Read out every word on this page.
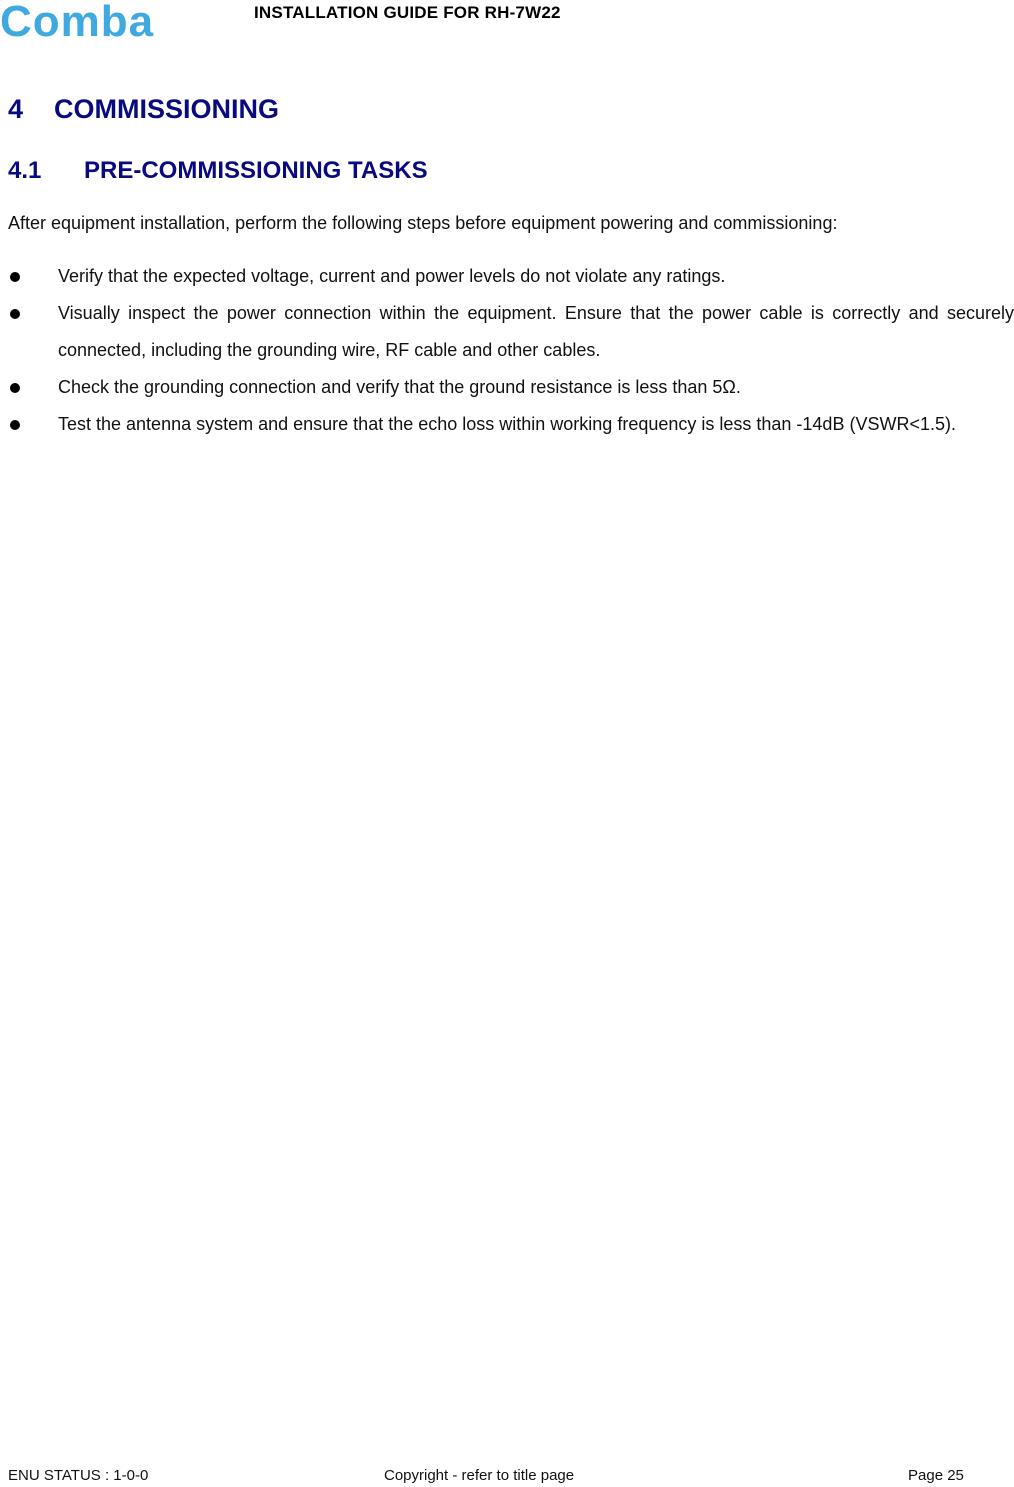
Comba	INSTALLATION GUIDE FOR RH-7W22
4 COMMISSIONING
4.1 PRE-COMMISSIONING TASKS
After equipment installation, perform the following steps before equipment powering and commissioning:
Verify that the expected voltage, current and power levels do not violate any ratings.
Visually inspect the power connection within the equipment. Ensure that the power cable is correctly and securely connected, including the grounding wire, RF cable and other cables.
Check the grounding connection and verify that the ground resistance is less than 5Ω.
Test the antenna system and ensure that the echo loss within working frequency is less than -14dB (VSWR<1.5).
ENU STATUS : 1-0-0	Copyright - refer to title page	Page 25
